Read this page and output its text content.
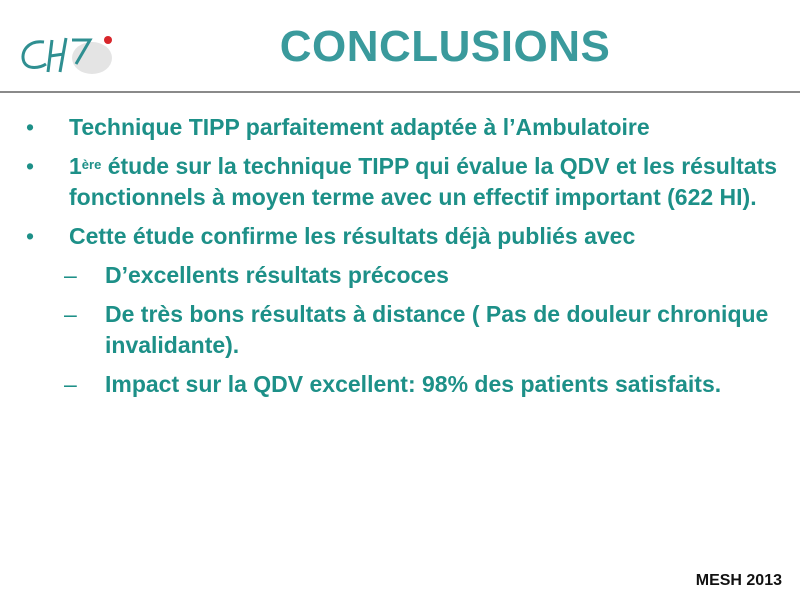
CONCLUSIONS
•	Technique TIPP parfaitement adaptée à l’Ambulatoire
•	1ère étude sur la technique TIPP qui évalue la QDV et les résultats fonctionnels à moyen terme avec un effectif important (622 HI).
•	Cette étude confirme les résultats déjà publiés avec
–	D’excellents résultats précoces
–	De très bons résultats à distance ( Pas de douleur chronique invalidante).
–	Impact sur la QDV excellent: 98% des patients satisfaits.
MESH 2013
